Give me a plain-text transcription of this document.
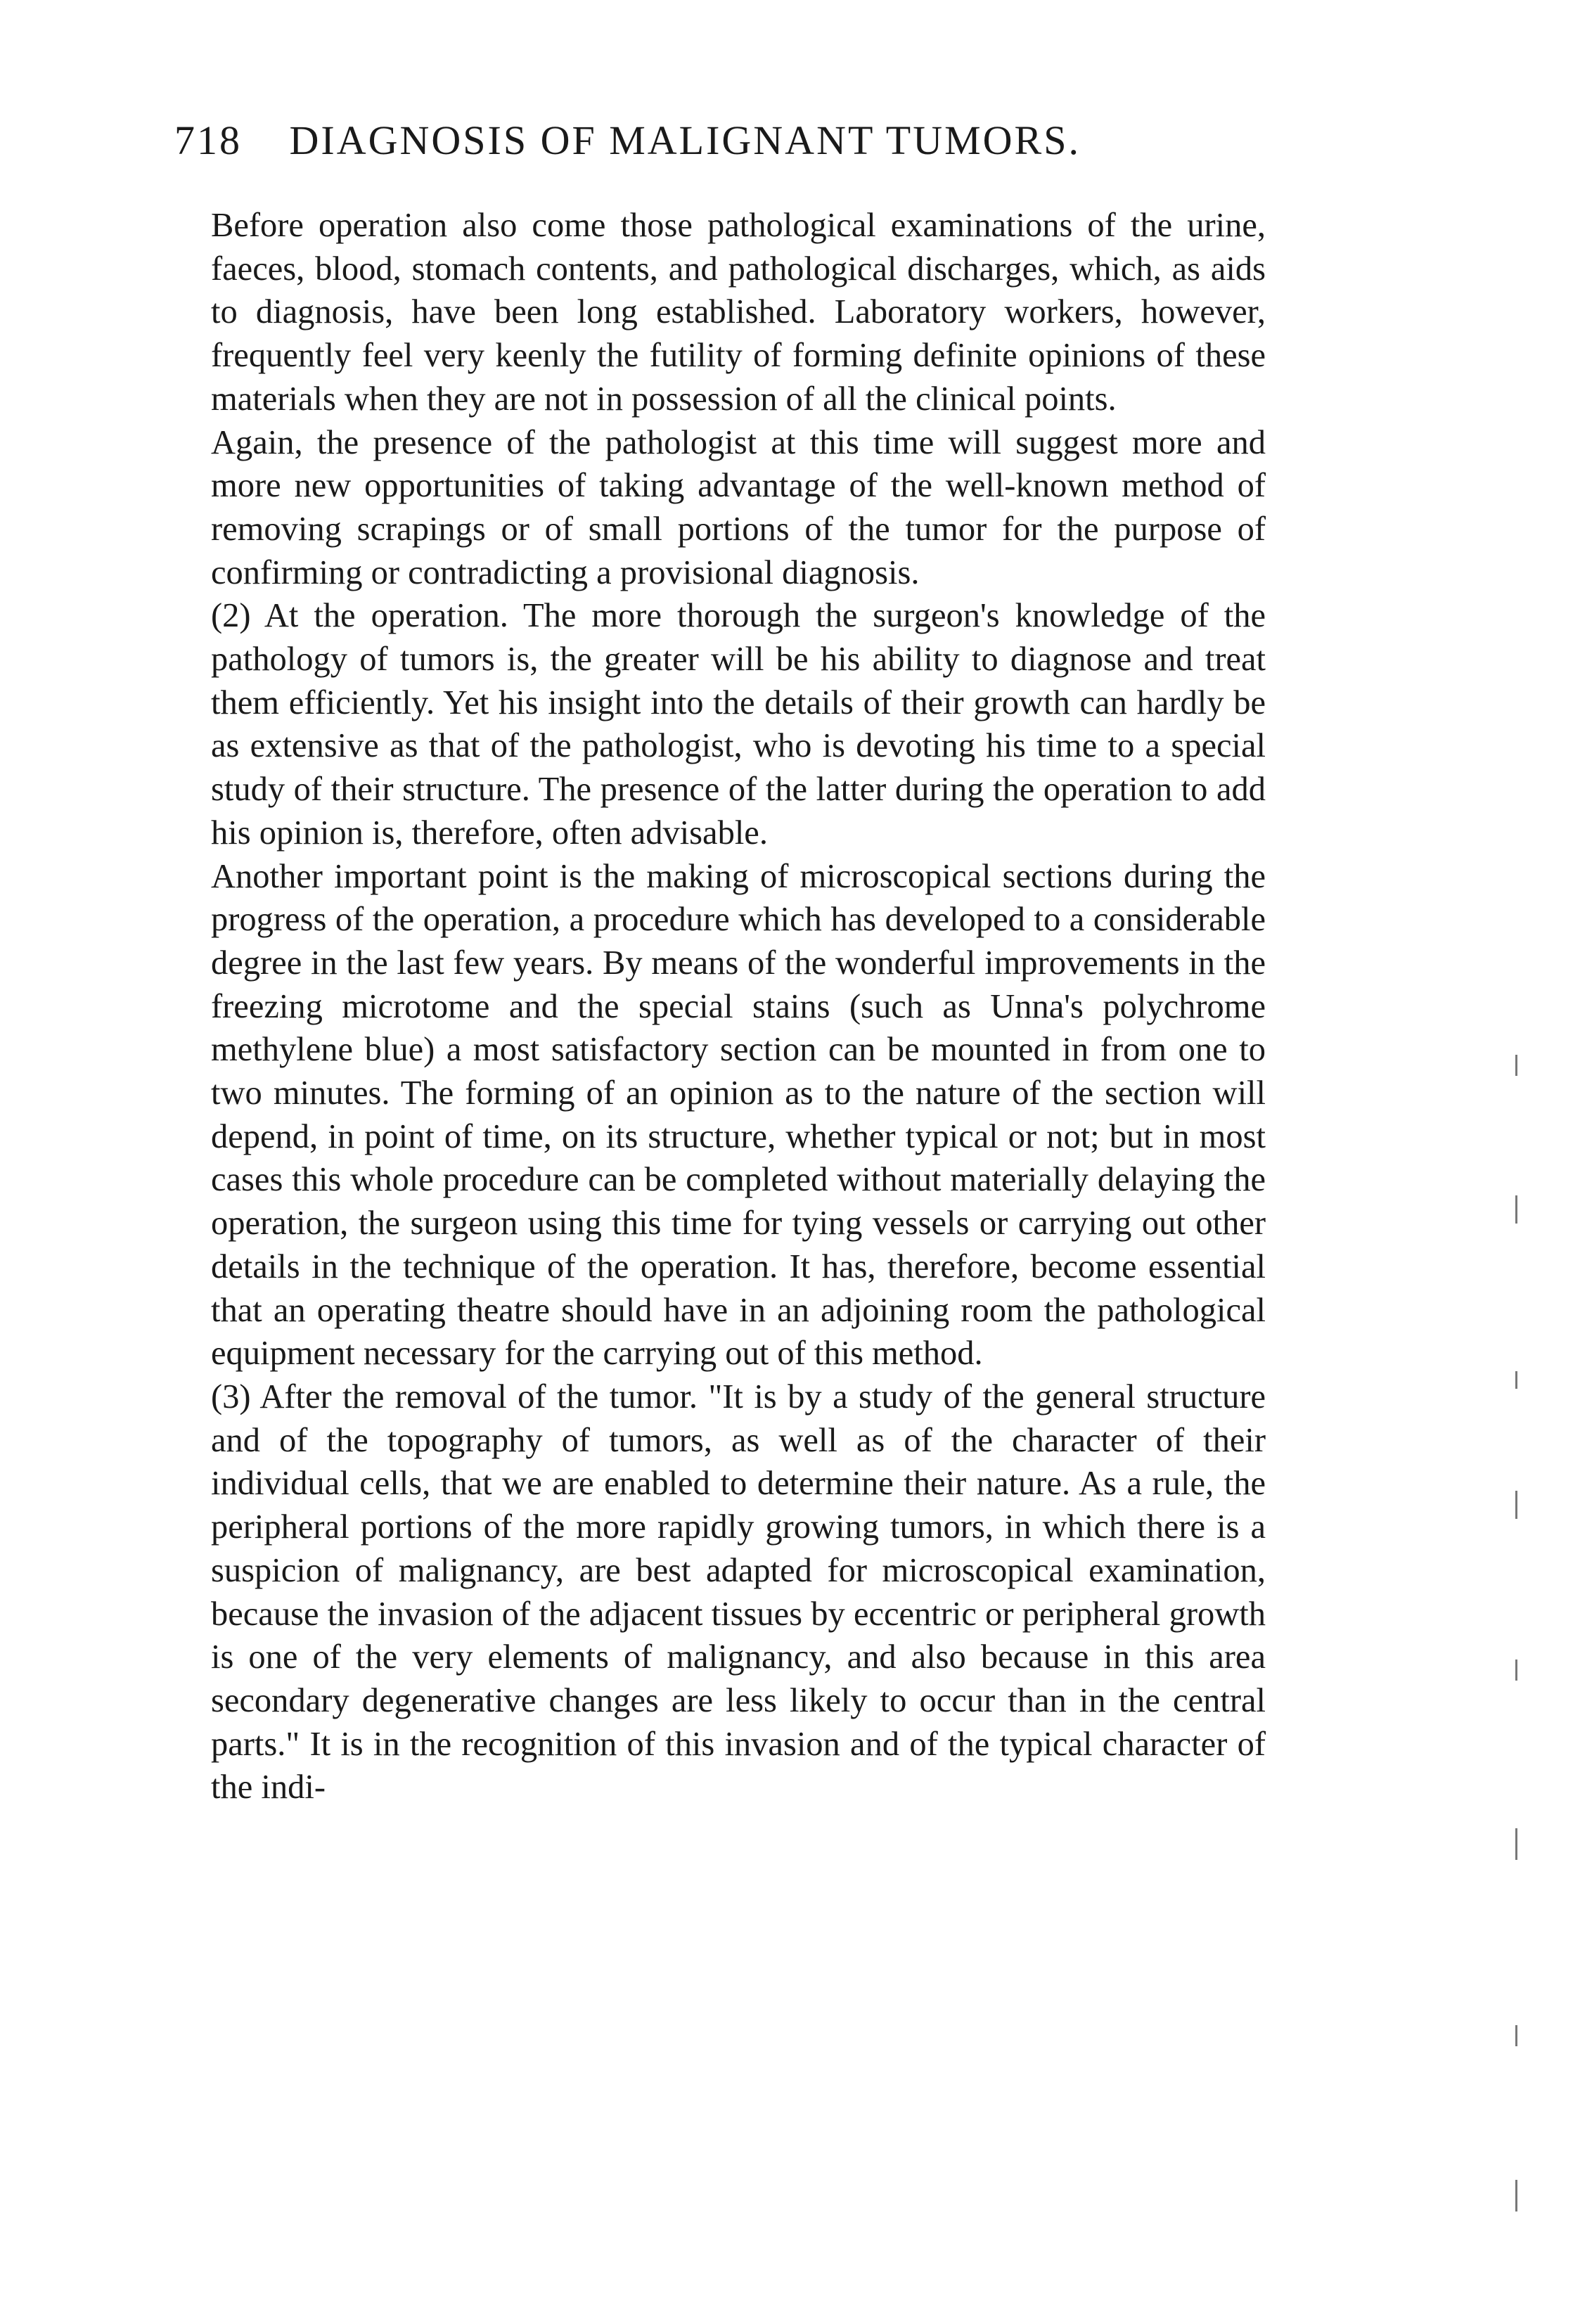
718 DIAGNOSIS OF MALIGNANT TUMORS.

Before operation also come those pathological examinations of the urine, faeces, blood, stomach contents, and pathological discharges, which, as aids to diagnosis, have been long established. Laboratory workers, however, frequently feel very keenly the futility of forming definite opinions of these materials when they are not in possession of all the clinical points.

Again, the presence of the pathologist at this time will suggest more and more new opportunities of taking advantage of the well-known method of removing scrapings or of small portions of the tumor for the purpose of confirming or contradicting a provisional diagnosis.

(2) At the operation. The more thorough the surgeon's knowledge of the pathology of tumors is, the greater will be his ability to diagnose and treat them efficiently. Yet his insight into the details of their growth can hardly be as extensive as that of the pathologist, who is devoting his time to a special study of their structure. The presence of the latter during the operation to add his opinion is, therefore, often advisable.

Another important point is the making of microscopical sections during the progress of the operation, a procedure which has developed to a considerable degree in the last few years. By means of the wonderful improvements in the freezing microtome and the special stains (such as Unna's polychrome methylene blue) a most satisfactory section can be mounted in from one to two minutes. The forming of an opinion as to the nature of the section will depend, in point of time, on its structure, whether typical or not; but in most cases this whole procedure can be completed without materially delaying the operation, the surgeon using this time for tying vessels or carrying out other details in the technique of the operation. It has, therefore, become essential that an operating theatre should have in an adjoining room the pathological equipment necessary for the carrying out of this method.

(3) After the removal of the tumor. "It is by a study of the general structure and of the topography of tumors, as well as of the character of their individual cells, that we are enabled to determine their nature. As a rule, the peripheral portions of the more rapidly growing tumors, in which there is a suspicion of malignancy, are best adapted for microscopical examination, because the invasion of the adjacent tissues by eccentric or peripheral growth is one of the very elements of malignancy, and also because in this area secondary degenerative changes are less likely to occur than in the central parts." It is in the recognition of this invasion and of the typical character of the indi-
